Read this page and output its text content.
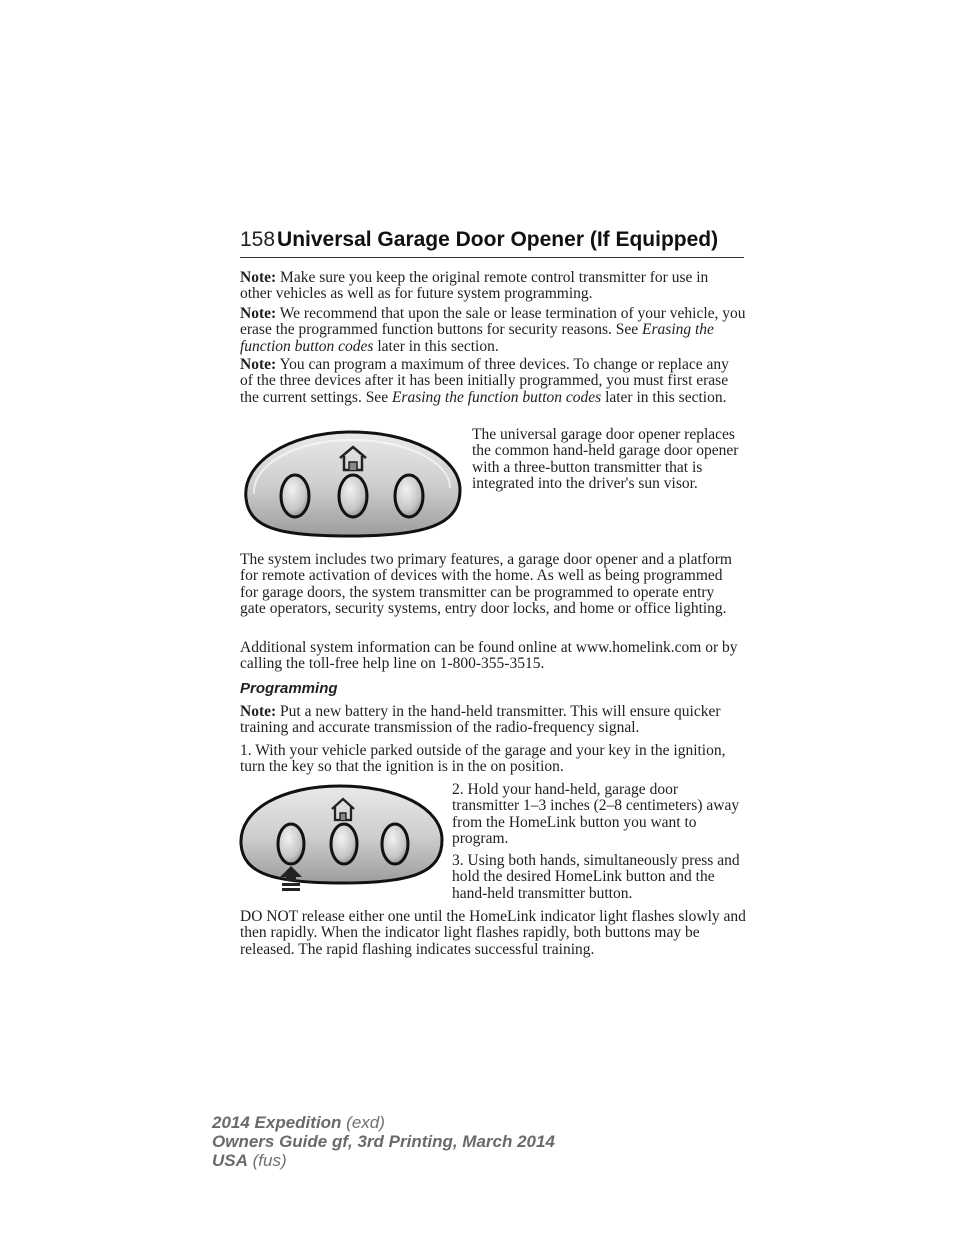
158Universal Garage Door Opener (If Equipped)

Note: Make sure you keep the original remote control transmitter for use in other vehicles as well as for future system programming.

Note: We recommend that upon the sale or lease termination of your vehicle, you erase the programmed function buttons for security reasons. See Erasing the function button codes later in this section.

Note: You can program a maximum of three devices. To change or replace any of the three devices after it has been initially programmed, you must first erase the current settings. See Erasing the function button codes later in this section.

The universal garage door opener replaces the common hand-held garage door opener with a three-button transmitter that is integrated into the driver's sun visor.

The system includes two primary features, a garage door opener and a platform for remote activation of devices with the home. As well as being programmed for garage doors, the system transmitter can be programmed to operate entry gate operators, security systems, entry door locks, and home or office lighting.

Additional system information can be found online at www.homelink.com or by calling the toll-free help line on 1-800-355-3515.

Programming

Note: Put a new battery in the hand-held transmitter. This will ensure quicker training and accurate transmission of the radio-frequency signal.

1. With your vehicle parked outside of the garage and your key in the ignition, turn the key so that the ignition is in the on position.

2. Hold your hand-held, garage door transmitter 1–3 inches (2–8 centimeters) away from the HomeLink button you want to program.

3. Using both hands, simultaneously press and hold the desired HomeLink button and the hand-held transmitter button.

DO NOT release either one until the HomeLink indicator light flashes slowly and then rapidly. When the indicator light flashes rapidly, both buttons may be released. The rapid flashing indicates successful training.

2014 Expedition (exd)
Owners Guide gf, 3rd Printing, March 2014
USA (fus)
